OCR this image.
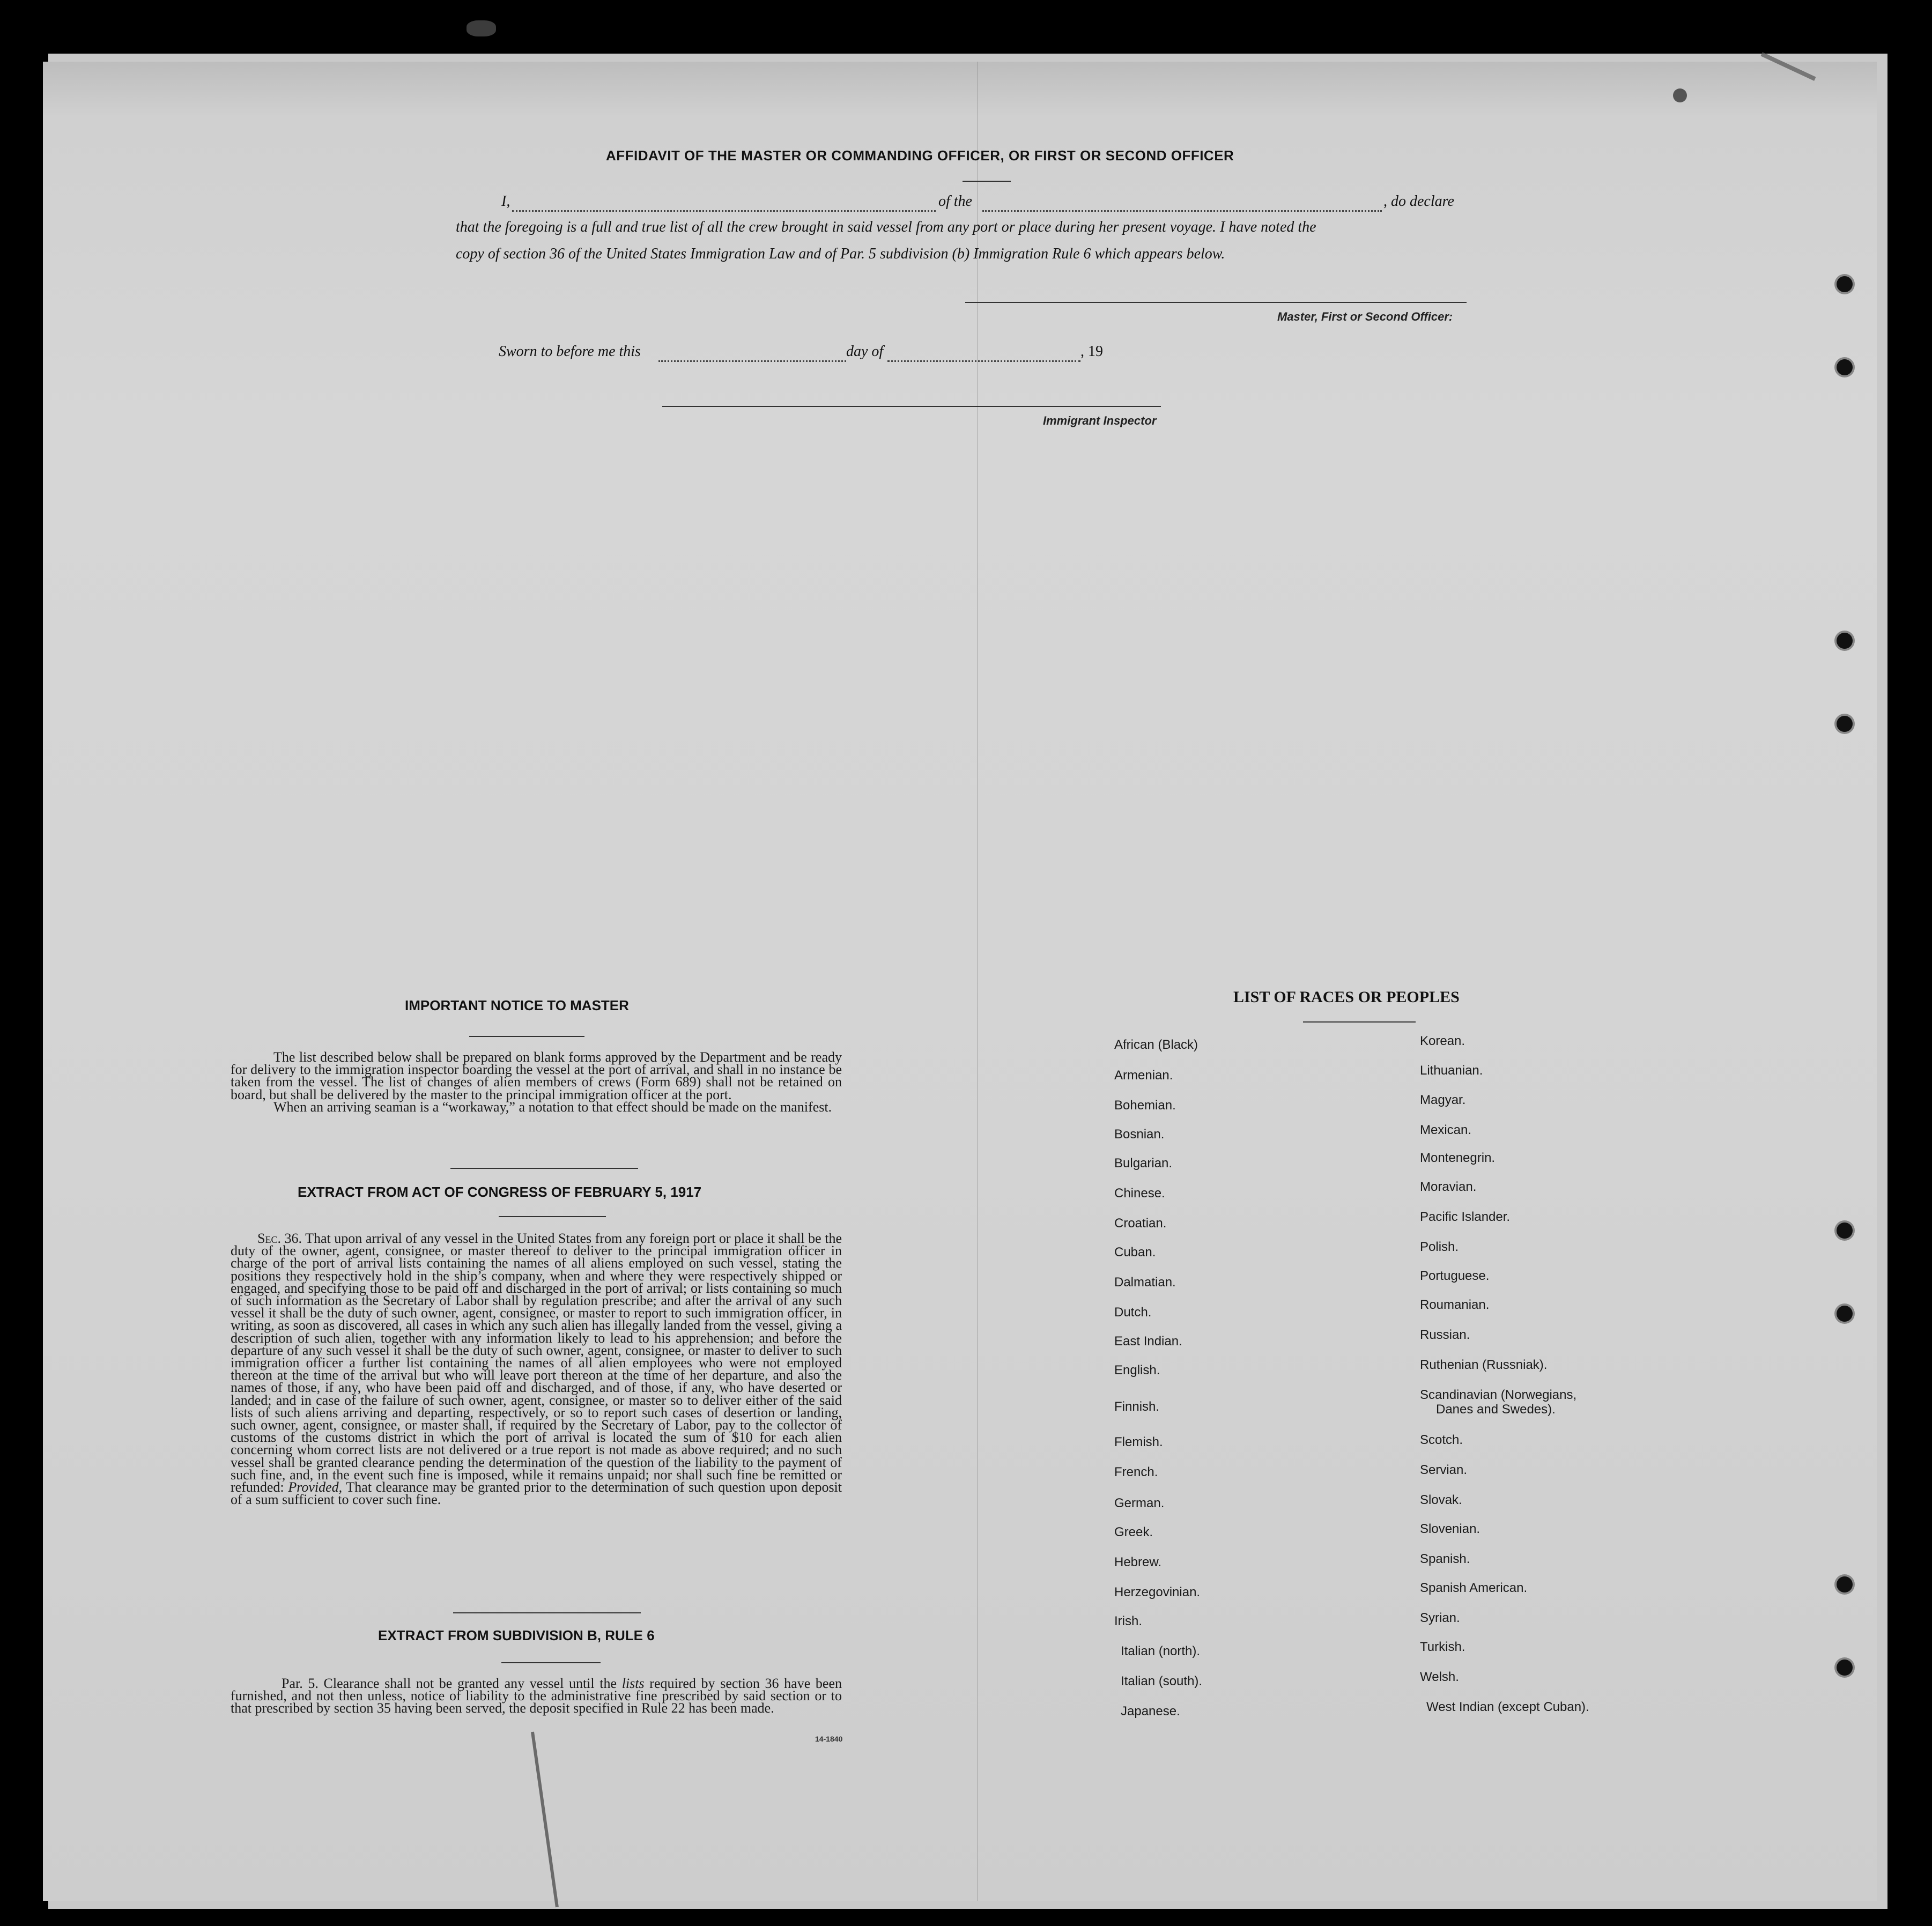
AFFIDAVIT OF THE MASTER OR COMMANDING OFFICER, OR FIRST OR SECOND OFFICER
I,	of the	, do declare
that the foregoing is a full and true list of all the crew brought in said vessel from any port or place during her present voyage. I have noted the
copy of section 36 of the United States Immigration Law and of Par. 5 subdivision (b) Immigration Rule 6 which appears below.
Master, First or Second Officer:
Sworn to before me this	day of	, 19
Immigrant Inspector
IMPORTANT NOTICE TO MASTER

The list described below shall be prepared on blank forms approved by the Department and be ready for delivery to the immigration inspector boarding the vessel at the port of arrival, and shall in no instance be taken from the vessel. The list of changes of alien members of crews (Form 689) shall not be retained on board, but shall be delivered by the master to the principal immigration officer at the port.

When an arriving seaman is a “workaway,” a notation to that effect should be made on the manifest.

EXTRACT FROM ACT OF CONGRESS OF FEBRUARY 5, 1917

Sec. 36. That upon arrival of any vessel in the United States from any foreign port or place it shall be the duty of the owner, agent, consignee, or master thereof to deliver to the principal immigration officer in charge of the port of arrival lists containing the names of all aliens employed on such vessel, stating the positions they respectively hold in the ship’s company, when and where they were respectively shipped or engaged, and specifying those to be paid off and discharged in the port of arrival; or lists containing so much of such information as the Secretary of Labor shall by regulation prescribe; and after the arrival of any such vessel it shall be the duty of such owner, agent, consignee, or master to report to such immigration officer, in writing, as soon as discovered, all cases in which any such alien has illegally landed from the vessel, giving a description of such alien, together with any information likely to lead to his apprehension; and before the departure of any such vessel it shall be the duty of such owner, agent, consignee, or master to deliver to such immigration officer a further list containing the names of all alien employees who were not employed thereon at the time of the arrival but who will leave port thereon at the time of her departure, and also the names of those, if any, who have been paid off and discharged, and of those, if any, who have deserted or landed; and in case of the failure of such owner, agent, consignee, or master so to deliver either of the said lists of such aliens arriving and departing, respectively, or so to report such cases of desertion or landing, such owner, agent, consignee, or master shall, if required by the Secretary of Labor, pay to the collector of customs of the customs district in which the port of arrival is located the sum of $10 for each alien concerning whom correct lists are not delivered or a true report is not made as above required; and no such vessel shall be granted clearance pending the determination of the question of the liability to the payment of such fine, and, in the event such fine is imposed, while it remains unpaid; nor shall such fine be remitted or refunded: Provided, That clearance may be granted prior to the determination of such question upon deposit of a sum sufficient to cover such fine.

EXTRACT FROM SUBDIVISION B, RULE 6

Par. 5. Clearance shall not be granted any vessel until the lists required by section 36 have been furnished, and not then unless, notice of liability to the administrative fine prescribed by said section or to that prescribed by section 35 having been served, the deposit specified in Rule 22 has been made.

14-1840
LIST OF RACES OR PEOPLES
African (Black)
Armenian.
Bohemian.
Bosnian.
Bulgarian.
Chinese.
Croatian.
Cuban.
Dalmatian.
Dutch.
East Indian.
English.
Finnish.
Flemish.
French.
German.
Greek.
Hebrew.
Herzegovinian.
Irish.
Italian (north).
Italian (south).
Japanese.
Korean.
Lithuanian.
Magyar.
Mexican.
Montenegrin.
Moravian.
Pacific Islander.
Polish.
Portuguese.
Roumanian.
Russian.
Ruthenian (Russniak).
Scandinavian (Norwegians,
Danes and Swedes).
Scotch.
Servian.
Slovak.
Slovenian.
Spanish.
Spanish American.
Syrian.
Turkish.
Welsh.
West Indian (except Cuban).
